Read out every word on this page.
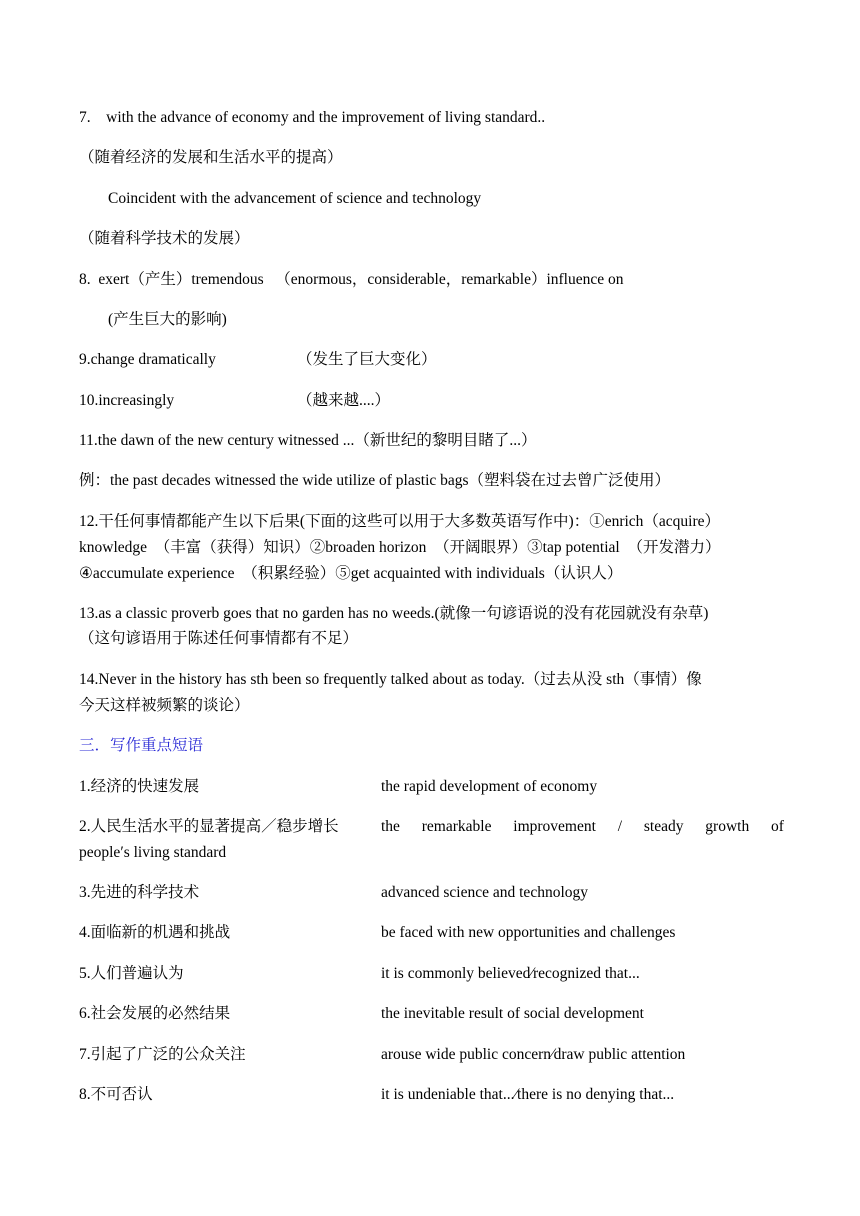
7.    with the advance of economy and the improvement of living standard..
（随着经济的发展和生活水平的提高）
Coincident with the advancement of science and technology
（随着科学技术的发展）
8.  exert（产生）tremendous   （enormous，considerable，remarkable）influence on
(产生巨大的影响)
9.change dramatically	（发生了巨大变化）
10.increasingly	（越来越....）
11.the dawn of the new century witnessed ...（新世纪的黎明目睹了...）
例：the past decades witnessed the wide utilize of plastic bags（塑料袋在过去曾广泛使用）
12.干任何事情都能产生以下后果(下面的这些可以用于大多数英语写作中)：①enrich（acquire）
knowledge  （丰富（获得）知识）②broaden horizon  （开阔眼界）③tap potential  （开发潜力）
④accumulate experience  （积累经验）⑤get acquainted with individuals（认识人）
13.as a classic proverb goes that no garden has no weeds.(就像一句谚语说的没有花园就没有杂草)
（这句谚语用于陈述任何事情都有不足）
14.Never in the history has sth been so frequently talked about as today.（过去从没 sth（事情）像
今天这样被频繁的谈论）
三．写作重点短语
1.经济的快速发展	the rapid development of economy
2.人民生活水平的显著提高／稳步增长	the remarkable improvement / steady growth of
people′s living standard
3.先进的科学技术	advanced science and technology
4.面临新的机遇和挑战	be faced with new opportunities and challenges
5.人们普遍认为	it is commonly believed⁄recognized that...
6.社会发展的必然结果	the inevitable result of social development
7.引起了广泛的公众关注	arouse wide public concern⁄draw public attention
8.不可否认	it is undeniable that...⁄there is no denying that...
